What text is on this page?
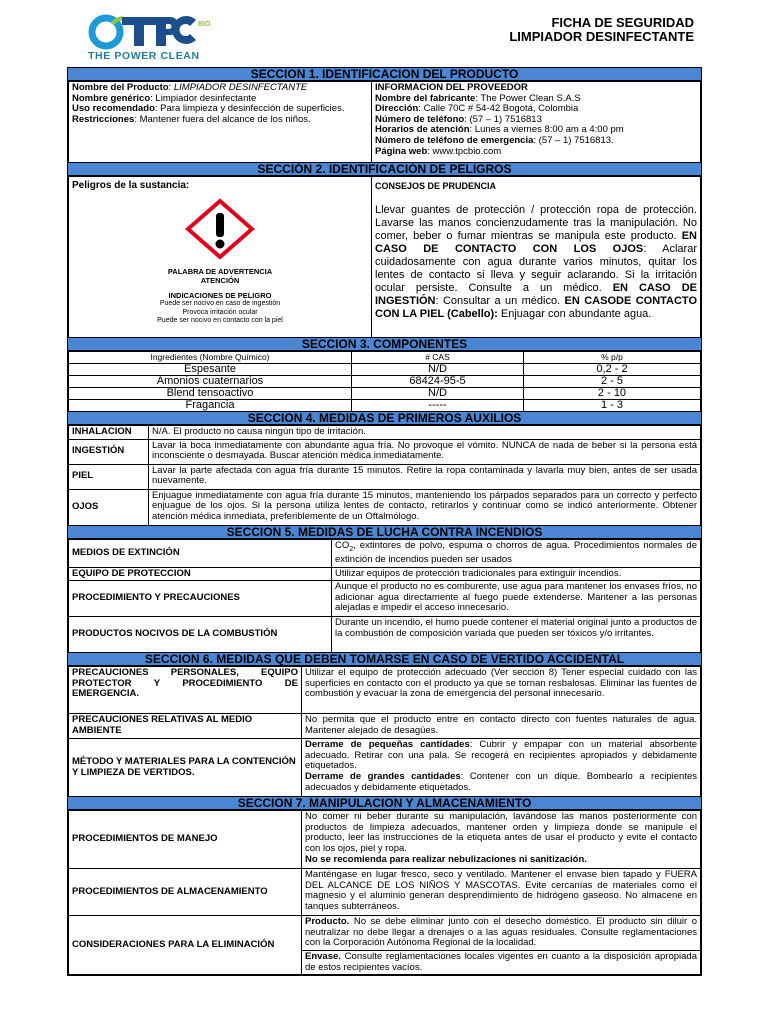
BIO
THE POWER CLEAN
FICHA DE SEGURIDAD
LIMPIADOR DESINFECTANTE
SECCION 1. IDENTIFICACION DEL PRODUCTO
Nombre del Producto: LIMPIADOR DESINFECTANTE
Nombre genérico: Limpiador desinfectante
Uso recomendado: Para limpieza y desinfección de superficies.
Restricciones: Mantener fuera del alcance de los niños.

INFORMACION DEL PROVEEDOR
Nombre del fabricante: The Power Clean S.A.S
Dirección: Calle 70C # 54-42 Bogotá, Colombia
Número de teléfono: (57 – 1) 7516813
Horarios de atención: Lunes a viernes 8:00 am a 4:00 pm
Número de teléfono de emergencia: (57 – 1) 7516813.
Página web: www.tpcbio.com
SECCIÓN 2. IDENTIFICACIÓN DE PELIGROS
Peligros de la sustancia:
PALABRA DE ADVERTENCIA
ATENCIÓN
INDICACIONES DE PELIGRO
Puede ser nocivo en caso de ingestión
Provoca irritación ocular
Puede ser nocivo en contacto con la piel

CONSEJOS DE PRUDENCIA
Llevar guantes de protección / protección ropa de protección. Lavarse las manos concienzudamente tras la manipulación. No comer, beber o fumar mientras se manipula este producto. EN CASO DE CONTACTO CON LOS OJOS: Aclarar cuidadosamente con agua durante varios minutos, quitar los lentes de contacto si lleva y seguir aclarando. Si la irritación ocular persiste. Consulte a un médico. EN CASO DE INGESTIÓN: Consultar a un médico. EN CASODE CONTACTO CON LA PIEL (Cabello): Enjuagar con abundante agua.
SECCION 3. COMPONENTES
Ingredientes (Nombre Químico)	# CAS	% p/p
Espesante	N/D	0,2 - 2
Amonios cuaternarios	68424-95-5	2 - 5
Blend tensoactivo	N/D	2 - 10
Fragancia	-----	1 - 3
SECCION 4. MEDIDAS DE PRIMEROS AUXILIOS
INHALACION	N/A. El producto no causa ningún tipo de irritación.
INGESTIÓN	Lavar la boca inmediatamente con abundante agua fría. No provoque el vómito. NUNCA de nada de beber si la persona está inconsciente o desmayada. Buscar atención médica inmediatamente.
PIEL	Lavar la parte afectada con agua fría durante 15 minutos. Retire la ropa contaminada y lavarla muy bien, antes de ser usada nuevamente.
OJOS	Enjuague inmediatamente con agua fría durante 15 minutos, manteniendo los párpados separados para un correcto y perfecto enjuague de los ojos. Si la persona utiliza lentes de contacto, retirarlos y continuar como se indicó anteriormente. Obtener atención médica inmediata, preferiblemente de un Oftalmólogo.
SECCION 5. MEDIDAS DE LUCHA CONTRA INCENDIOS
MEDIOS DE EXTINCIÓN	$CO_2$, extintores de polvo, espuma o chorros de agua. Procedimientos normales de extinción de incendios pueden ser usados
EQUIPO DE PROTECCION	Utilizar equipos de protección tradicionales para extinguir incendios.
PROCEDIMIENTO Y PRECAUCIONES	Aunque el producto no es comburente, use agua para mantener los envases fríos, no adicionar agua directamente al fuego puede extenderse. Mantener a las personas alejadas e impedir el acceso innecesario.
PRODUCTOS NOCIVOS DE LA COMBUSTIÓN	Durante un incendio, el humo puede contener el material original junto a productos de la combustión de composición variada que pueden ser tóxicos y/o irritantes.
SECCION 6. MEDIDAS QUE DEBEN TOMARSE EN CASO DE VERTIDO ACCIDENTAL
PRECAUCIONES PERSONALES, EQUIPO PROTECTOR Y PROCEDIMIENTO DE EMERGENCIA.	Utilizar el equipo de protección adecuado (Ver sección 8) Tener especial cuidado con las superficies en contacto con el producto ya que se tornan resbalosas. Eliminar las fuentes de combustión y evacuar la zona de emergencia del personal innecesario.
PRECAUCIONES RELATIVAS AL MEDIO AMBIENTE	No permita que el producto entre en contacto directo con fuentes naturales de agua. Mantener alejado de desagües.
MÉTODO Y MATERIALES PARA LA CONTENCIÓN Y LIMPIEZA DE VERTIDOS.	Derrame de pequeñas cantidades: Cubrir y empapar con un material absorbente adecuado. Retirar con una pala. Se recogerá en recipientes apropiados y debidamente etiquetados.
Derrame de grandes cantidades: Contener con un dique. Bombearlo a recipientes adecuados y debidamente etiquetados.
SECCION 7. MANIPULACION Y ALMACENAMIENTO
PROCEDIMIENTOS DE MANEJO	No comer ni beber durante su manipulación, lavándose las manos posteriormente con productos de limpieza adecuados, mantener orden y limpieza donde se manipule el producto, leer las instrucciones de la etiqueta antes de usar el producto y evite el contacto con los ojos, piel y ropa.
No se recomienda para realizar nebulizaciones ni sanitización.

PROCEDIMIENTOS DE ALMACENAMIENTO	Manténgase en lugar fresco, seco y ventilado. Mantener el envase bien tapado y FUERA DEL ALCANCE DE LOS NIÑOS Y MASCOTAS. Evite cercanías de materiales como el magnesio y el aluminio generan desprendimiento de hidrógeno gaseoso. No almacene en tanques subterráneos.
CONSIDERACIONES PARA LA ELIMINACIÓN	Producto. No se debe eliminar junto con el desecho doméstico. El producto sin diluir o neutralizar no debe llegar a drenajes o a las aguas residuales. Consulte reglamentaciones con la Corporación Autónoma Regional de la localidad.
Envase. Consulte reglamentaciones locales vigentes en cuanto a la disposición apropiada de estos recipientes vacíos.
